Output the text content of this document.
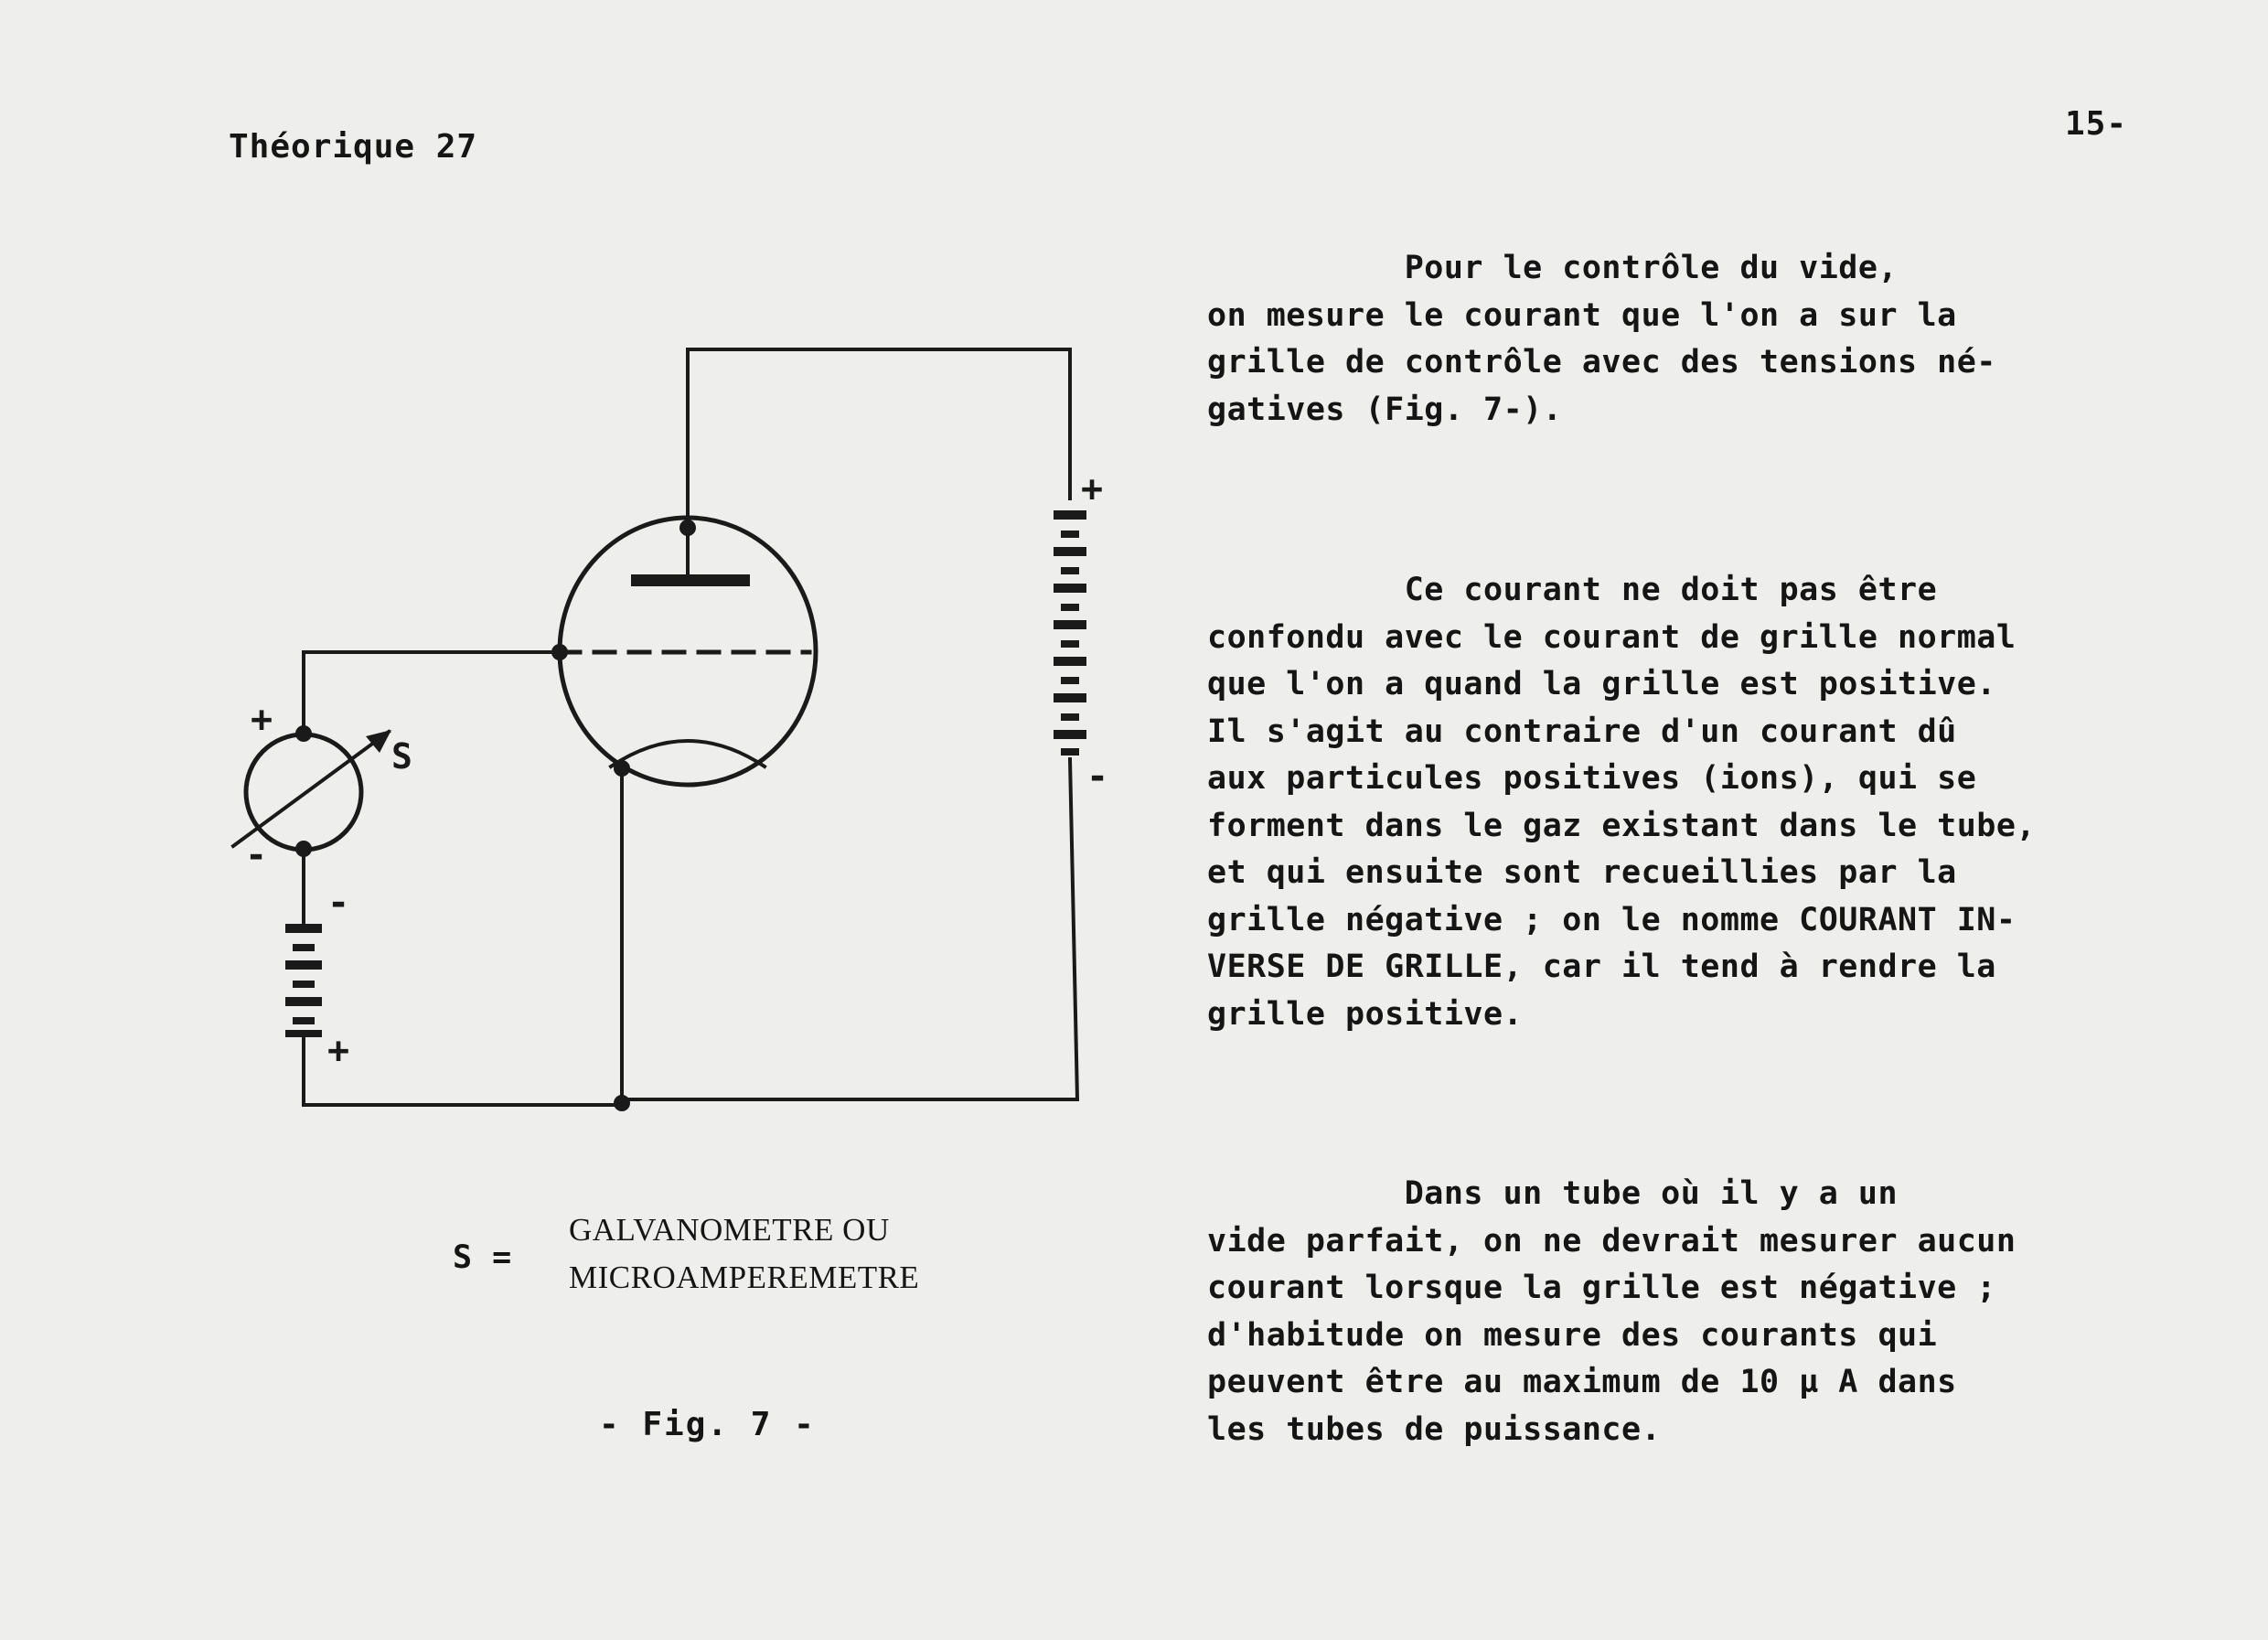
Théorique 27
15-
+
-
+
-
-
+
S
S =
GALVANOMETRE OU
MICROAMPEREMETRE
- Fig. 7 -
Pour le contrôle du vide,
on mesure le courant que l'on a sur la
grille de contrôle avec des tensions né-
gatives (Fig. 7-).
Ce courant ne doit pas être
confondu avec le courant de grille normal
que l'on a quand la grille est positive.
Il s'agit au contraire d'un courant dû
aux particules positives (ions), qui se
forment dans le gaz existant dans le tube,
et qui ensuite sont recueillies par la
grille négative ; on le nomme COURANT IN-
VERSE DE GRILLE, car il tend à rendre la
grille positive.
Dans un tube où il y a un
vide parfait, on ne devrait mesurer aucun
courant lorsque la grille est négative ;
d'habitude on mesure des courants qui
peuvent être au maximum de 10 µ A dans
les tubes de puissance.
